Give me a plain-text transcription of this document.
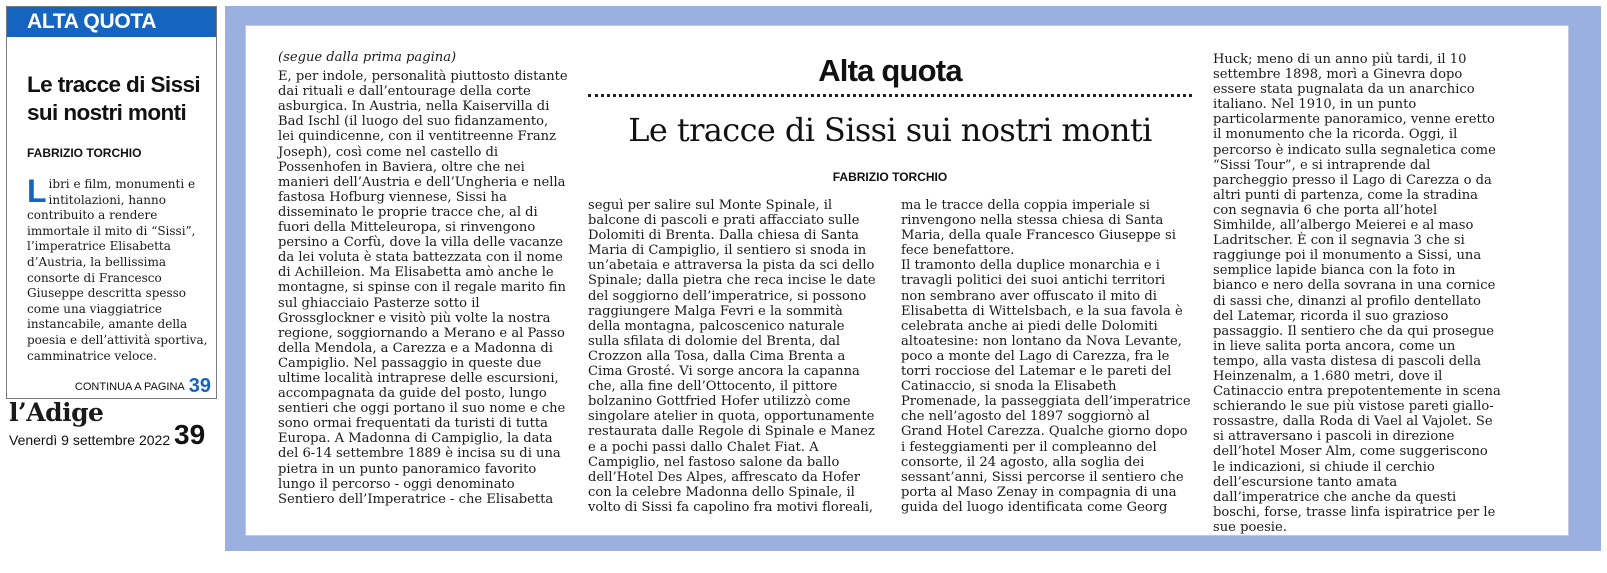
ALTA QUOTA
Le tracce di Sissi sui nostri monti
FABRIZIO TORCHIO
Libri e film, monumenti e intitolazioni, hanno contribuito a rendere immortale il mito di “Sissi”, l’imperatrice Elisabetta d’Austria, la bellissima consorte di Francesco Giuseppe descritta spesso come una viaggiatrice instancabile, amante della poesia e dell’attività sportiva, camminatrice veloce.
CONTINUA A PAGINA 39
l’Adige
Venerdì 9 settembre 2022 39

(segue dalla prima pagina)

E, per indole, personalità piuttosto distante dai rituali e dall’entourage della corte asburgica. In Austria, nella Kaiservilla di Bad Ischl (il luogo del suo fidanzamento, lei quindicenne, con il ventitreenne Franz Joseph), così come nel castello di Possenhofen in Baviera, oltre che nei manieri dell’Austria e dell’Ungheria e nella fastosa Hofburg viennese, Sissi ha disseminato le proprie tracce che, al di fuori della Mitteleuropa, si rinvengono persino a Corfù, dove la villa delle vacanze da lei voluta è stata battezzata con il nome di Achilleion. Ma Elisabetta amò anche le montagne, si spinse con il regale marito fin sul ghiacciaio Pasterze sotto il Grossglockner e visitò più volte la nostra regione, soggiornando a Merano e al Passo della Mendola, a Carezza e a Madonna di Campiglio. Nel passaggio in queste due ultime località intraprese delle escursioni, accompagnata da guide del posto, lungo sentieri che oggi portano il suo nome e che sono ormai frequentati da turisti di tutta Europa. A Madonna di Campiglio, la data del 6-14 settembre 1889 è incisa su di una pietra in un punto panoramico favorito lungo il percorso - oggi denominato Sentiero dell’Imperatrice - che Elisabetta

Alta quota
Le tracce di Sissi sui nostri monti
FABRIZIO TORCHIO

seguì per salire sul Monte Spinale, il balcone di pascoli e prati affacciato sulle Dolomiti di Brenta. Dalla chiesa di Santa Maria di Campiglio, il sentiero si snoda in un’abetaia e attraversa la pista da sci dello Spinale; dalla pietra che reca incise le date del soggiorno dell’imperatrice, si possono raggiungere Malga Fevri e la sommità della montagna, palcoscenico naturale sulla sfilata di dolomie del Brenta, dal Crozzon alla Tosa, dalla Cima Brenta a Cima Grosté. Vi sorge ancora la capanna che, alla fine dell’Ottocento, il pittore bolzanino Gottfried Hofer utilizzò come singolare atelier in quota, opportunamente restaurata dalle Regole di Spinale e Manez e a pochi passi dallo Chalet Fiat. A Campiglio, nel fastoso salone da ballo dell’Hotel Des Alpes, affrescato da Hofer con la celebre Madonna dello Spinale, il volto di Sissi fa capolino fra motivi floreali,

ma le tracce della coppia imperiale si rinvengono nella stessa chiesa di Santa Maria, della quale Francesco Giuseppe si fece benefattore.

Il tramonto della duplice monarchia e i travagli politici dei suoi antichi territori non sembrano aver offuscato il mito di Elisabetta di Wittelsbach, e la sua favola è celebrata anche ai piedi delle Dolomiti altoatesine: non lontano da Nova Levante, poco a monte del Lago di Carezza, fra le torri rocciose del Latemar e le pareti del Catinaccio, si snoda la Elisabeth Promenade, la passeggiata dell’imperatrice che nell’agosto del 1897 soggiornò al Grand Hotel Carezza. Qualche giorno dopo i festeggiamenti per il compleanno del consorte, il 24 agosto, alla soglia dei sessant’anni, Sissi percorse il sentiero che porta al Maso Zenay in compagnia di una guida del luogo identificata come Georg

Huck; meno di un anno più tardi, il 10 settembre 1898, morì a Ginevra dopo essere stata pugnalata da un anarchico italiano. Nel 1910, in un punto particolarmente panoramico, venne eretto il monumento che la ricorda. Oggi, il percorso è indicato sulla segnaletica come “Sissi Tour”, e si intraprende dal parcheggio presso il Lago di Carezza o da altri punti di partenza, come la stradina con segnavia 6 che porta all’hotel Simhilde, all’albergo Meierei e al maso Ladritscher. È con il segnavia 3 che si raggiunge poi il monumento a Sissi, una semplice lapide bianca con la foto in bianco e nero della sovrana in una cornice di sassi che, dinanzi al profilo dentellato del Latemar, ricorda il suo grazioso passaggio. Il sentiero che da qui prosegue in lieve salita porta ancora, come un tempo, alla vasta distesa di pascoli della Heinzenalm, a 1.680 metri, dove il Catinaccio entra prepotentemente in scena schierando le sue più vistose pareti giallo-rossastre, dalla Roda di Vael al Vajolet. Se si attraversano i pascoli in direzione dell’hotel Moser Alm, come suggeriscono le indicazioni, si chiude il cerchio dell’escursione tanto amata dall’imperatrice che anche da questi boschi, forse, trasse linfa ispiratrice per le sue poesie.
